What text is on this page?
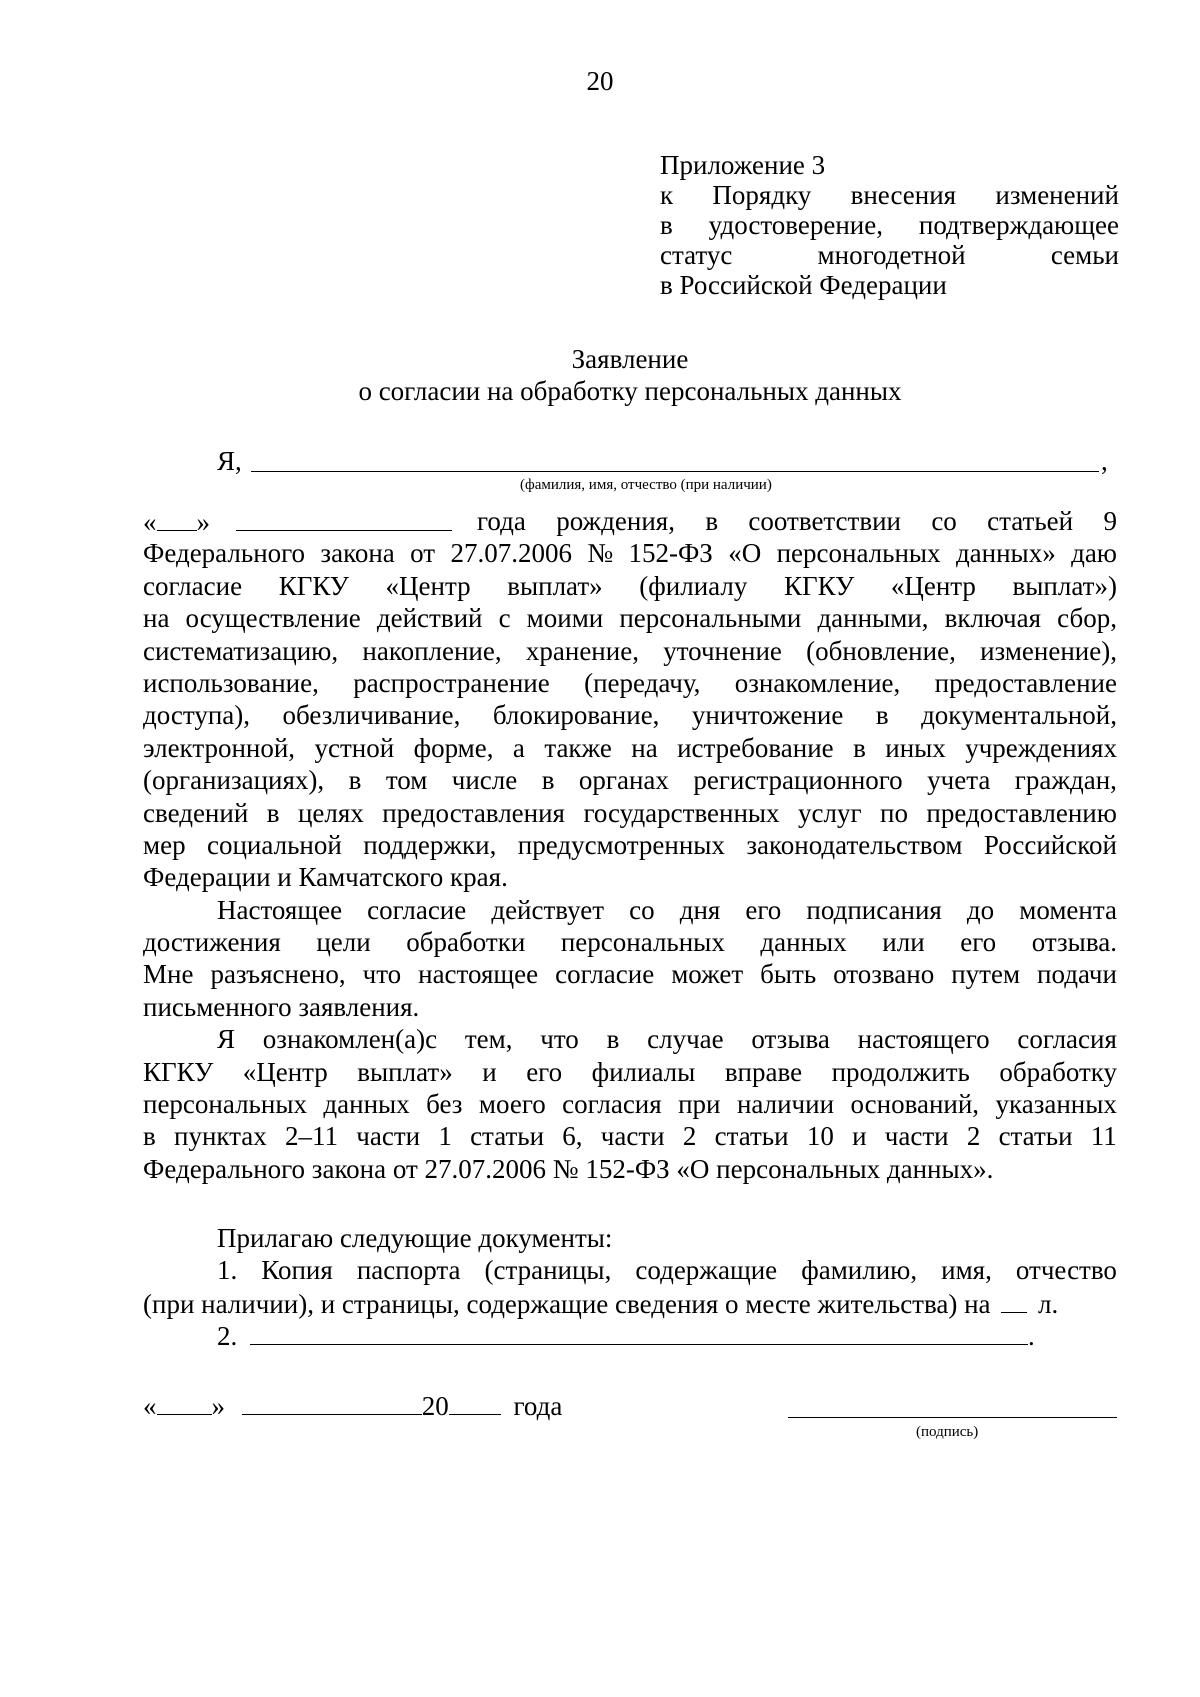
20
Приложение 3
к Порядку внесения изменений
в удостоверение, подтверждающее
статус	многодетной	семьи
в Российской Федерации
Заявление
о согласии на обработку персональных данных
Я,	,
(фамилия, имя, отчество (при наличии)
« »	года рождения, в соответствии со статьей 9
Федерального закона от 27.07.2006 № 152-ФЗ «О персональных данных» даю
согласие КГКУ «Центр выплат» (филиалу КГКУ «Центр выплат»)
на осуществление действий с моими персональными данными, включая сбор,
систематизацию, накопление, хранение, уточнение (обновление, изменение),
использование, распространение (передачу, ознакомление, предоставление
доступа), обезличивание, блокирование, уничтожение в документальной,
электронной, устной форме, а также на истребование в иных учреждениях
(организациях), в том числе в органах регистрационного учета граждан,
сведений в целях предоставления государственных услуг по предоставлению
мер социальной поддержки, предусмотренных законодательством Российской
Федерации и Камчатского края.
Настоящее согласие действует со дня его подписания до момента
достижения цели обработки персональных данных или его отзыва.
Мне разъяснено, что настоящее согласие может быть отозвано путем подачи
письменного заявления.
Я ознакомлен(а)с тем, что в случае отзыва настоящего согласия
КГКУ «Центр выплат» и его филиалы вправе продолжить обработку
персональных данных без моего согласия при наличии оснований, указанных
в пунктах 2–11 части 1 статьи 6, части 2 статьи 10 и части 2 статьи 11
Федерального закона от 27.07.2006 № 152-ФЗ «О персональных данных».
Прилагаю следующие документы:
1. Копия паспорта (страницы, содержащие фамилию, имя, отчество
(при наличии), и страницы, содержащие сведения о месте жительства) на л.
2.	.
« »	20 года
(подпись)
